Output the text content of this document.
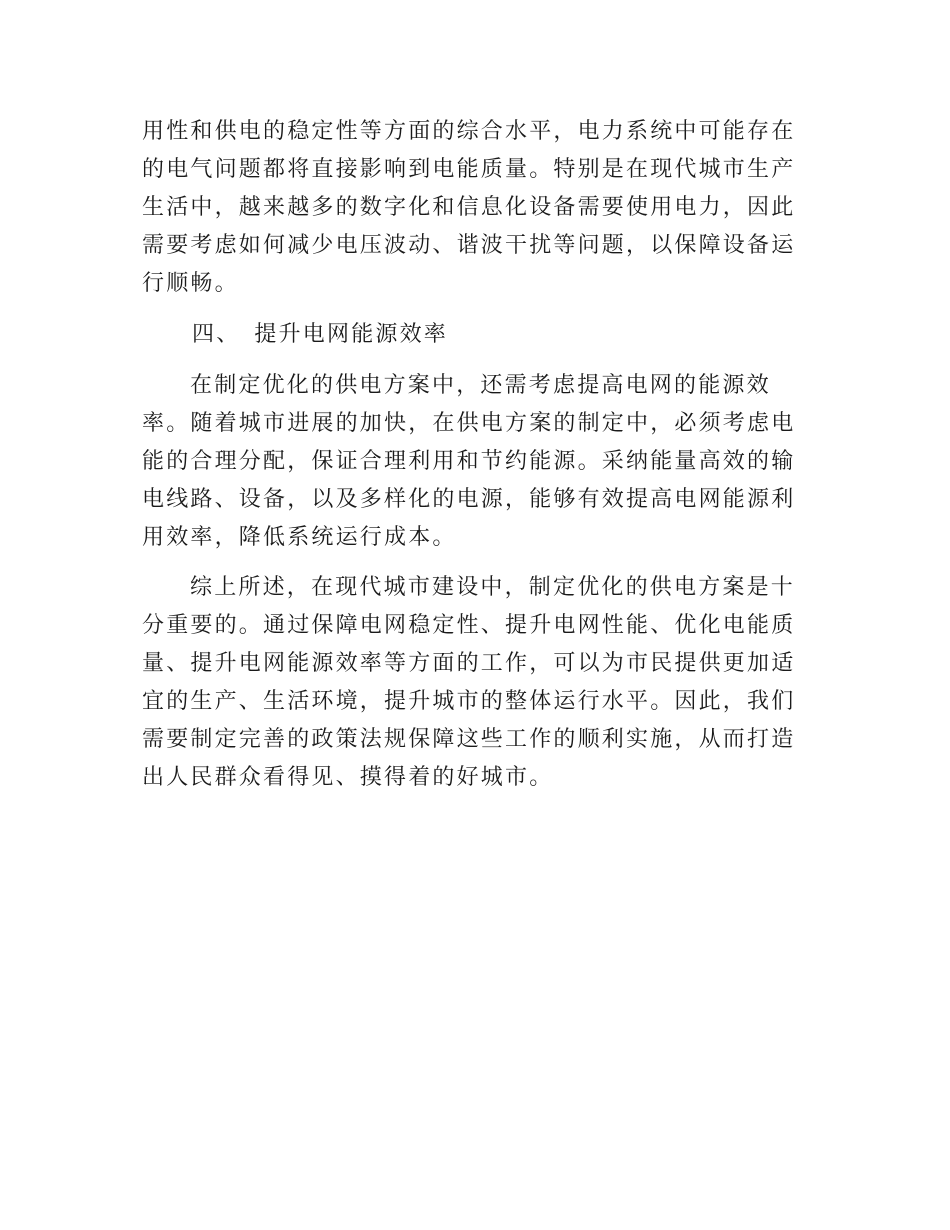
用性和供电的稳定性等方面的综合水平，电力系统中可能存在
的电气问题都将直接影响到电能质量。特别是在现代城市生产
生活中，越来越多的数字化和信息化设备需要使用电力，因此
需要考虑如何减少电压波动、谐波干扰等问题，以保障设备运
行顺畅。
四、 提升电网能源效率
在制定优化的供电方案中，还需考虑提高电网的能源效
率。随着城市进展的加快，在供电方案的制定中，必须考虑电
能的合理分配，保证合理利用和节约能源。采纳能量高效的输
电线路、设备，以及多样化的电源，能够有效提高电网能源利
用效率，降低系统运行成本。
综上所述，在现代城市建设中，制定优化的供电方案是十
分重要的。通过保障电网稳定性、提升电网性能、优化电能质
量、提升电网能源效率等方面的工作，可以为市民提供更加适
宜的生产、生活环境，提升城市的整体运行水平。因此，我们
需要制定完善的政策法规保障这些工作的顺利实施，从而打造
出人民群众看得见、摸得着的好城市。
